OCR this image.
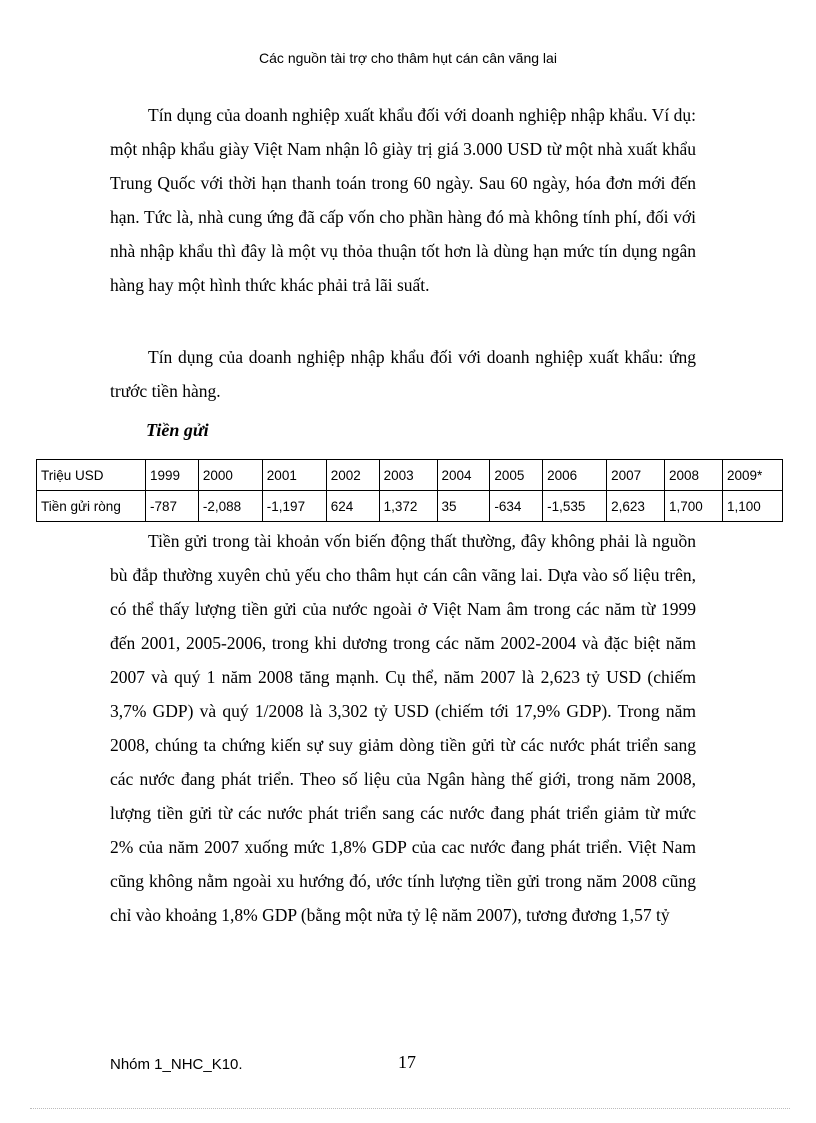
Các nguồn tài trợ cho thâm hụt cán cân vãng lai

Tín dụng của doanh nghiệp xuất khẩu đối với doanh nghiệp nhập khẩu. Ví dụ: một nhập khẩu giày Việt Nam nhận lô giày trị giá 3.000 USD từ một nhà xuất khẩu Trung Quốc với thời hạn thanh toán trong 60 ngày. Sau 60 ngày, hóa đơn mới đến hạn. Tức là, nhà cung ứng đã cấp vốn cho phần hàng đó mà không tính phí, đối với nhà nhập khẩu thì đây là một vụ thỏa thuận tốt hơn là dùng hạn mức tín dụng ngân hàng hay một hình thức khác phải trả lãi suất.

Tín dụng của doanh nghiệp nhập khẩu đối với doanh nghiệp xuất khẩu: ứng trước tiền hàng.

Tiền gửi
Triệu USD	1999	2000	2001	2002	2003	2004	2005	2006	2007	2008	2009*
Tiền gửi ròng	-787	-2,088	-1,197	624	1,372	35	-634	-1,535	2,623	1,700	1,100

Tiền gửi trong tài khoản vốn biến động thất thường, đây không phải là nguồn bù đắp thường xuyên chủ yếu cho thâm hụt cán cân vãng lai. Dựa vào số liệu trên, có thể thấy lượng tiền gửi của nước ngoài ở Việt Nam âm trong các năm từ 1999 đến 2001, 2005-2006, trong khi dương trong các năm 2002-2004 và đặc biệt năm 2007 và quý 1 năm 2008 tăng mạnh. Cụ thể, năm 2007 là 2,623 tỷ USD (chiếm 3,7% GDP) và quý 1/2008 là 3,302 tỷ USD (chiếm tới 17,9% GDP). Trong năm 2008, chúng ta chứng kiến sự suy giảm dòng tiền gửi từ các nước phát triển sang các nước đang phát triển. Theo số liệu của Ngân hàng thế giới, trong năm 2008, lượng tiền gửi từ các nước phát triển sang các nước đang phát triển giảm từ mức 2% của năm 2007 xuống mức 1,8% GDP của cac nước đang phát triển. Việt Nam cũng không nằm ngoài xu hướng đó, ước tính lượng tiền gửi trong năm 2008 cũng chỉ vào khoảng 1,8% GDP (bằng một nửa tỷ lệ năm 2007), tương đương 1,57 tỷ

Nhóm 1_NHC_K10.	17
